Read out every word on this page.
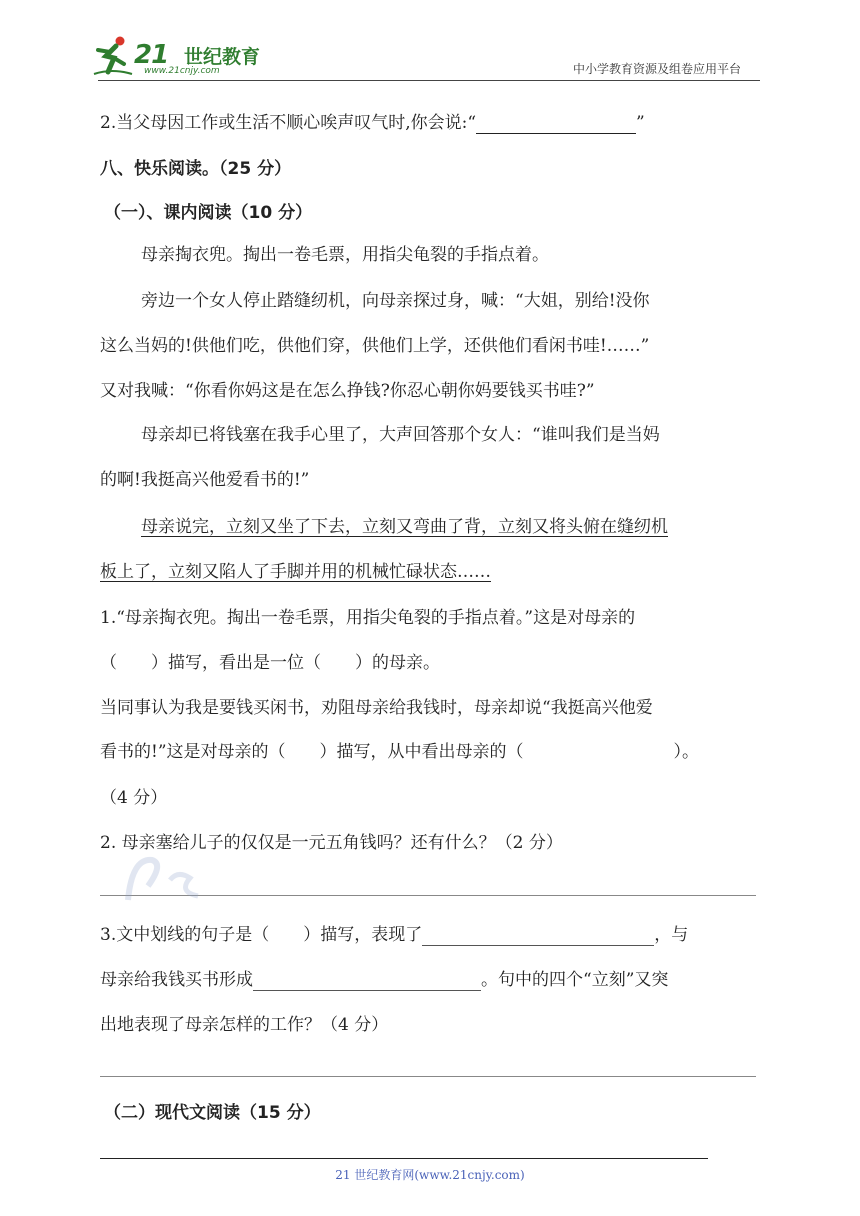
21 世纪教育
www.21cnjy.com	中小学教育资源及组卷应用平台
2.当父母因工作或生活不顺心唉声叹气时,你会说:“	”
八、快乐阅读。（25 分）
（一）、课内阅读（10 分）
母亲掏衣兜。掏出一卷毛票，用指尖龟裂的手指点着。
旁边一个女人停止踏缝纫机，向母亲探过身，喊：“大姐，别给!没你
这么当妈的!供他们吃，供他们穿，供他们上学，还供他们看闲书哇!……”
又对我喊：“你看你妈这是在怎么挣钱?你忍心朝你妈要钱买书哇?”
母亲却已将钱塞在我手心里了，大声回答那个女人：“谁叫我们是当妈
的啊!我挺高兴他爱看书的!”
母亲说完，立刻又坐了下去，立刻又弯曲了背，立刻又将头俯在缝纫机
板上了，立刻又陷人了手脚并用的机械忙碌状态……
1.“母亲掏衣兜。掏出一卷毛票，用指尖龟裂的手指点着。”这是对母亲的
（　　）描写，看出是一位（　　）的母亲。
当同事认为我是要钱买闲书，劝阻母亲给我钱时，母亲却说“我挺高兴他爱
看书的!”这是对母亲的（　　）描写，从中看出母亲的（	）。
（4 分）
2. 母亲塞给儿子的仅仅是一元五角钱吗？还有什么？（2 分）
3.文中划线的句子是（　　）描写，表现了	，与
母亲给我钱买书形成	。句中的四个“立刻”又突
出地表现了母亲怎样的工作？（4 分）
（二）现代文阅读（15 分）
21 世纪教育网(www.21cnjy.com)
